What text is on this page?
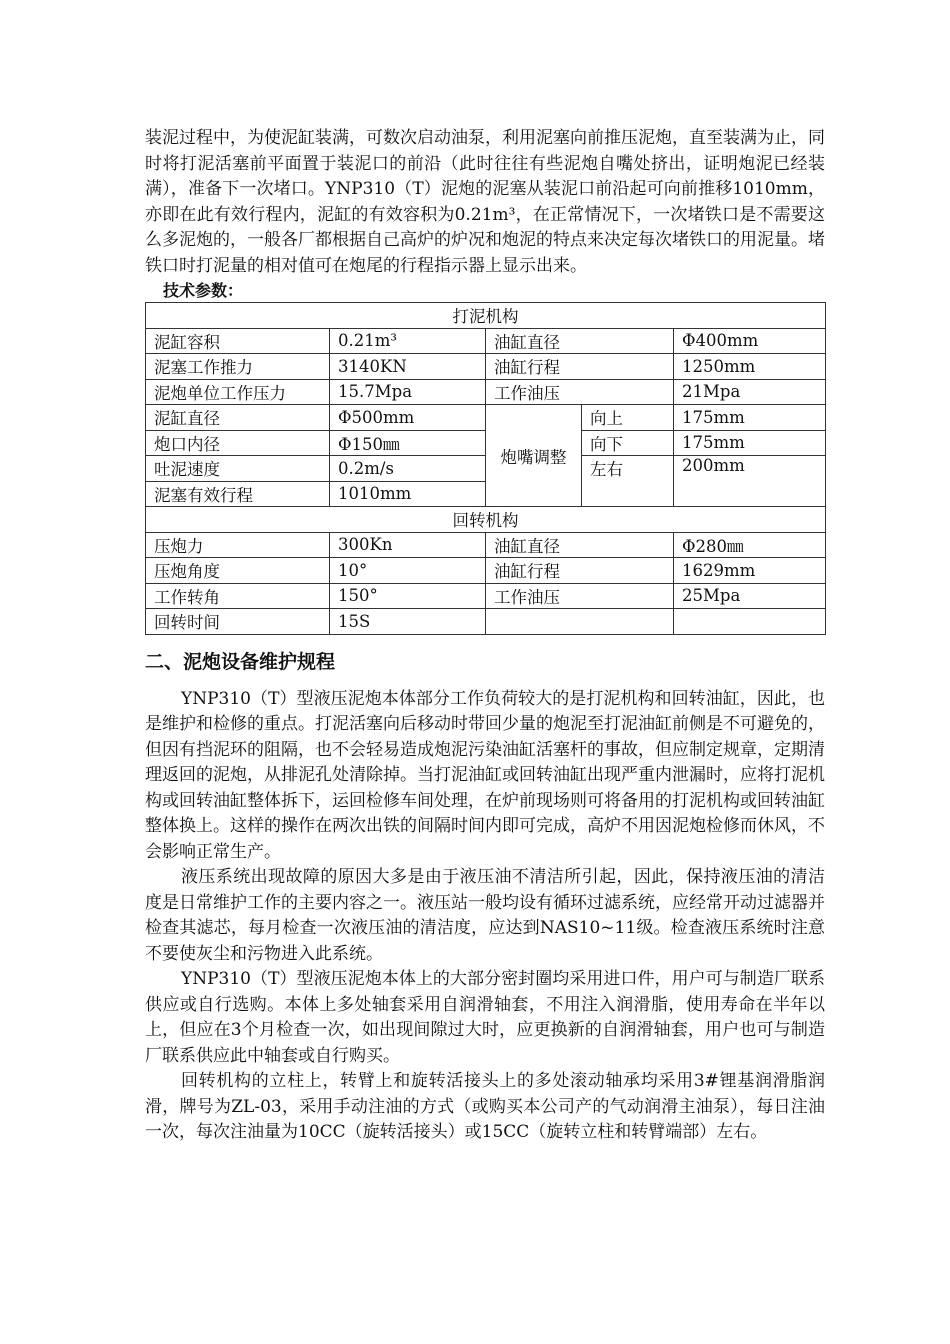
装泥过程中，为使泥缸装满，可数次启动油泵，利用泥塞向前推压泥炮，直至装满为止，同时将打泥活塞前平面置于装泥口的前沿（此时往往有些泥炮自嘴处挤出，证明炮泥已经装满），准备下一次堵口。YNP310（T）泥炮的泥塞从装泥口前沿起可向前推移1010mm，亦即在此有效行程内，泥缸的有效容积为0.21m³，在正常情况下，一次堵铁口是不需要这么多泥炮的，一般各厂都根据自己高炉的炉况和炮泥的特点来决定每次堵铁口的用泥量。堵铁口时打泥量的相对值可在炮尾的行程指示器上显示出来。

技术参数：
打泥机构				
泥缸容积	0.21m³	油缸直径		Φ400mm
泥塞工作推力	3140KN	油缸行程		1250mm
泥炮单位工作压力	15.7Mpa	工作油压		21Mpa
泥缸直径	Φ500mm	炮嘴调整	向上	175mm
炮口内径	Φ150㎜		向下	175mm
吐泥速度	0.2m/s		左右	200mm
泥塞有效行程	1010mm			
回转机构				
压炮力	300Kn	油缸直径		Φ280㎜
压炮角度	10°	油缸行程		1629mm
工作转角	150°	工作油压		25Mpa
回转时间	15S			
二、泥炮设备维护规程

YNP310（T）型液压泥炮本体部分工作负荷较大的是打泥机构和回转油缸，因此，也是维护和检修的重点。打泥活塞向后移动时带回少量的炮泥至打泥油缸前侧是不可避免的，但因有挡泥环的阻隔，也不会轻易造成炮泥污染油缸活塞杆的事故，但应制定规章，定期清理返回的泥炮，从排泥孔处清除掉。当打泥油缸或回转油缸出现严重内泄漏时，应将打泥机构或回转油缸整体拆下，运回检修车间处理，在炉前现场则可将备用的打泥机构或回转油缸整体换上。这样的操作在两次出铁的间隔时间内即可完成，高炉不用因泥炮检修而休风，不会影响正常生产。

液压系统出现故障的原因大多是由于液压油不清洁所引起，因此，保持液压油的清洁度是日常维护工作的主要内容之一。液压站一般均设有循环过滤系统，应经常开动过滤器并检查其滤芯，每月检查一次液压油的清洁度，应达到NAS10~11级。检查液压系统时注意不要使灰尘和污物进入此系统。

YNP310（T）型液压泥炮本体上的大部分密封圈均采用进口件，用户可与制造厂联系供应或自行选购。本体上多处轴套采用自润滑轴套，不用注入润滑脂，使用寿命在半年以上，但应在3个月检查一次，如出现间隙过大时，应更换新的自润滑轴套，用户也可与制造厂联系供应此中轴套或自行购买。

回转机构的立柱上，转臂上和旋转活接头上的多处滚动轴承均采用3#锂基润滑脂润滑，牌号为ZL-03，采用手动注油的方式（或购买本公司产的气动润滑主油泵），每日注油一次，每次注油量为10CC（旋转活接头）或15CC（旋转立柱和转臂端部）左右。
